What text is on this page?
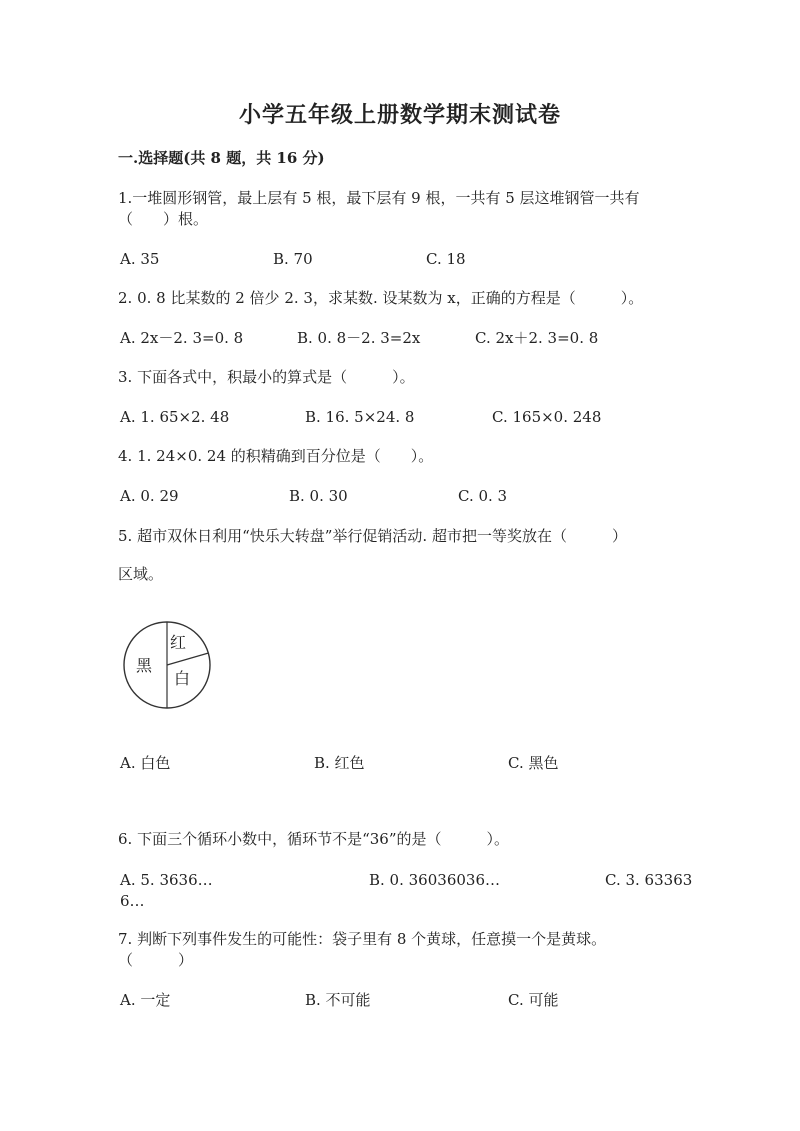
小学五年级上册数学期末测试卷
一.选择题(共 8 题，共 16 分)
1.一堆圆形钢管，最上层有 5 根，最下层有 9 根，一共有 5 层这堆钢管一共有
（　　）根。
A. 35	B. 70	C. 18
2. 0. 8 比某数的 2 倍少 2. 3，求某数. 设某数为 x，正确的方程是（　　　）。
A. 2x－2. 3=0. 8	B. 0. 8－2. 3=2x	C. 2x＋2. 3=0. 8
3. 下面各式中，积最小的算式是（　　　）。
A. 1. 65×2. 48	B. 16. 5×24. 8	C. 165×0. 248
4. 1. 24×0. 24 的积精确到百分位是（　　）。
A. 0. 29	B. 0. 30	C. 0. 3
5. 超市双休日利用“快乐大转盘”举行促销活动. 超市把一等奖放在（　　　）
区域。
红
白
黑
A. 白色	B. 红色	C. 黑色
6. 下面三个循环小数中，循环节不是“36”的是（　　　）。
A. 5. 3636…	B. 0. 36036036…	C. 3. 63363
6…
7. 判断下列事件发生的可能性：袋子里有 8 个黄球，任意摸一个是黄球。
（　　　）
A. 一定	B. 不可能	C. 可能
